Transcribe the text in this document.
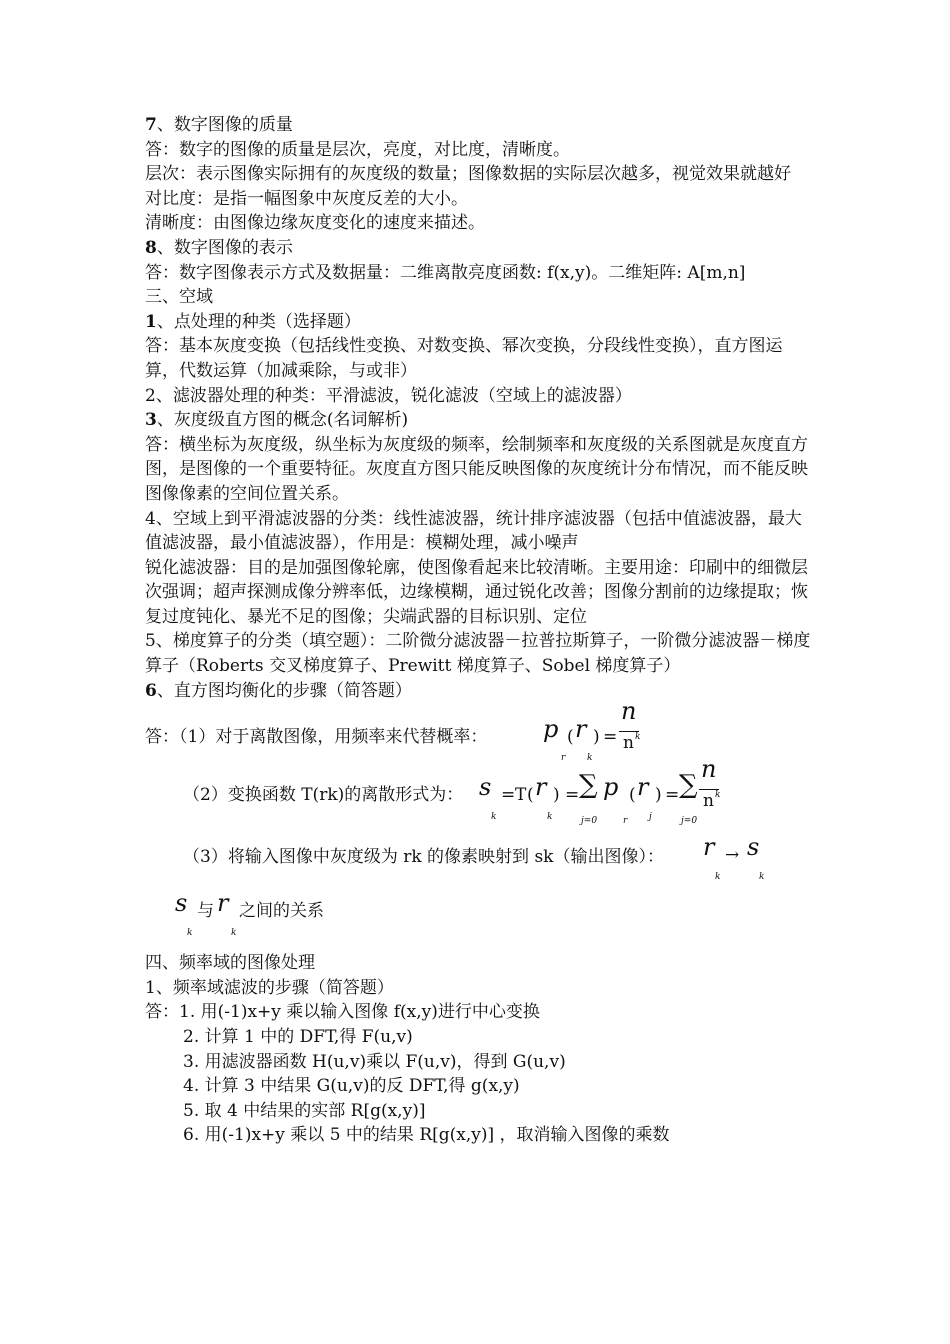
7、数字图像的质量
答：数字的图像的质量是层次，亮度，对比度，清晰度。
层次：表示图像实际拥有的灰度级的数量；图像数据的实际层次越多，视觉效果就越好
对比度：是指一幅图象中灰度反差的大小。
清晰度：由图像边缘灰度变化的速度来描述。
8、数字图像的表示
答：数字图像表示方式及数据量：二维离散亮度函数: f(x,y)。二维矩阵: A[m,n]
三、空域
1、点处理的种类（选择题）
答：基本灰度变换（包括线性变换、对数变换、幂次变换，分段线性变换），直方图运算，代数运算（加减乘除，与或非）
2、滤波器处理的种类：平滑滤波，锐化滤波（空域上的滤波器）
3、灰度级直方图的概念(名词解析)
答：横坐标为灰度级，纵坐标为灰度级的频率，绘制频率和灰度级的关系图就是灰度直方图，是图像的一个重要特征。灰度直方图只能反映图像的灰度统计分布情况，而不能反映图像像素的空间位置关系。
4、空域上到平滑滤波器的分类：线性滤波器，统计排序滤波器（包括中值滤波器，最大值滤波器，最小值滤波器），作用是：模糊处理，减小噪声
锐化滤波器：目的是加强图像轮廓，使图像看起来比较清晰。主要用途：印刷中的细微层次强调；超声探测成像分辨率低，边缘模糊，通过锐化改善；图像分割前的边缘提取；恢复过度钝化、暴光不足的图像；尖端武器的目标识别、定位
5、梯度算子的分类（填空题）：二阶微分滤波器－拉普拉斯算子，一阶微分滤波器－梯度算子（Roberts 交叉梯度算子、Prewitt 梯度算子、Sobel 梯度算子）
6、直方图均衡化的步骤（简答题）
答：（1）对于离散图像，用频率来代替概率： p
r
( r
k
) =
n
k
n
（2）变换函数 T(rk)的离散形式为： s
k
= T ( r
k
) = ∑
j=0
p
r
( r
j
) = ∑
j=0
n
k
n
（3）将输入图像中灰度级为 rk 的像素映射到 sk（输出图像）： r
k
→ s
k
s
k
与 r
k
之间的关系
四、频率域的图像处理
1、频率域滤波的步骤（简答题）
答：1. 用(-1)x+y 乘以输入图像 f(x,y)进行中心变换
2. 计算 1 中的 DFT,得 F(u,v)
3. 用滤波器函数 H(u,v)乘以 F(u,v)，得到 G(u,v)
4. 计算 3 中结果 G(u,v)的反 DFT,得 g(x,y)
5. 取 4 中结果的实部 R[g(x,y)]
6. 用(-1)x+y 乘以 5 中的结果 R[g(x,y)] ，取消输入图像的乘数
